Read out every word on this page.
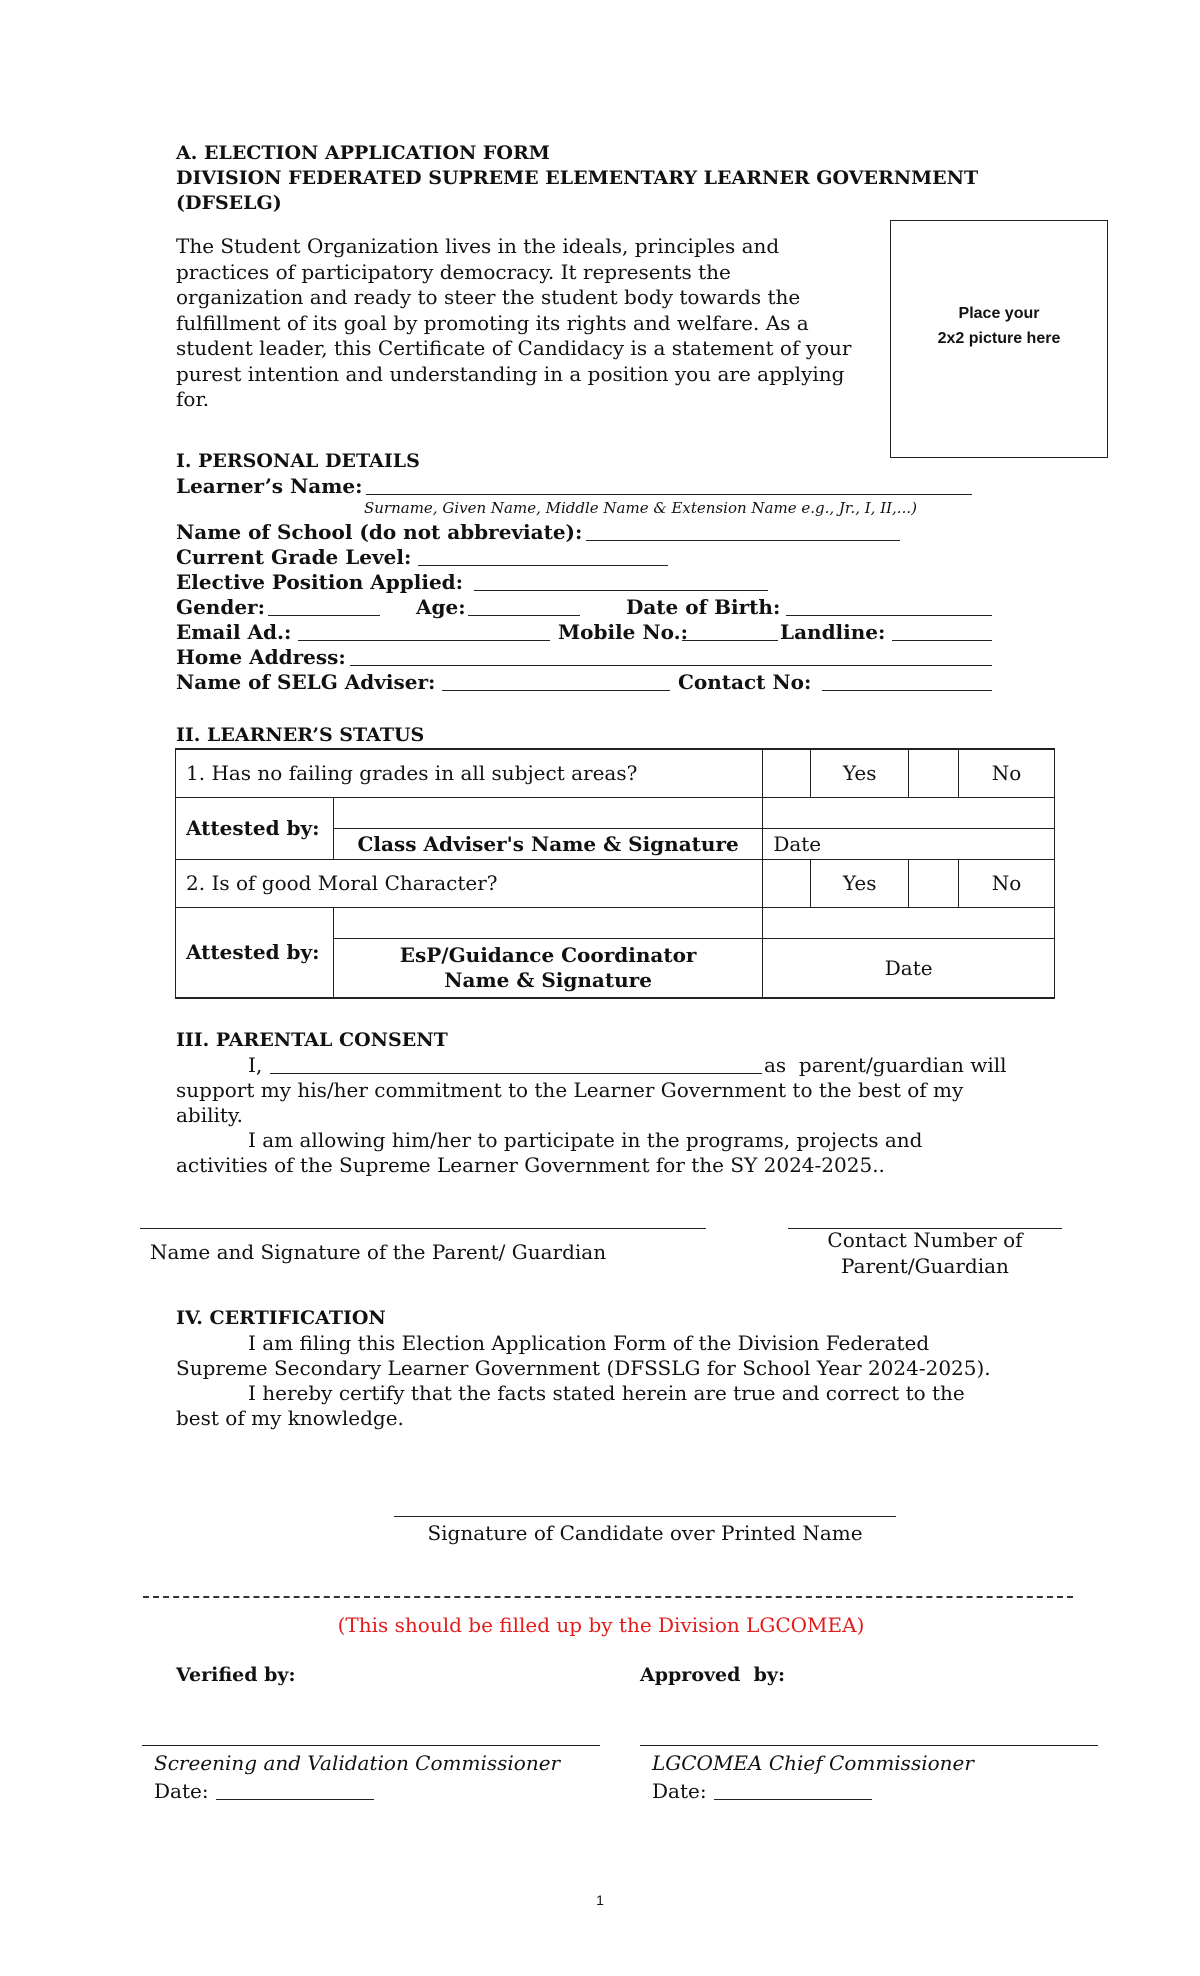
A. ELECTION APPLICATION FORM
DIVISION FEDERATED SUPREME ELEMENTARY LEARNER GOVERNMENT
(DFSELG)
The Student Organization lives in the ideals, principles and practices of participatory democracy. It represents the organization and ready to steer the student body towards the fulfillment of its goal by promoting its rights and welfare. As a student leader, this Certificate of Candidacy is a statement of your purest intention and understanding in a position you are applying for.
Place your
2x2 picture here
I. PERSONAL DETAILS
Learner’s Name:
Surname, Given Name, Middle Name & Extension Name e.g., Jr., I, II,...)
Name of School (do not abbreviate):
Current Grade Level:
Elective Position Applied:
Gender:	Age:	Date of Birth:
Email Ad.:	Mobile No.:	Landline:
Home Address:
Name of SELG Adviser:	Contact No:
II. LEARNER’S STATUS
1. Has no failing grades in all subject areas?			Yes		No
Attested by:					
	Class Adviser's Name & Signature	Date			
2. Is of good Moral Character?			Yes		No
Attested by:					

	EsP/Guidance Coordinator
Name & Signature	Date			
III. PARENTAL CONSENT
I,	as  parent/guardian will
support my his/her commitment to the Learner Government to the best of my
ability.
I am allowing him/her to participate in the programs, projects and
activities of the Supreme Learner Government for the SY 2024-2025..
Name and Signature of the Parent/ Guardian	Contact Number of
Parent/Guardian
IV. CERTIFICATION
I am filing this Election Application Form of the Division Federated
Supreme Secondary Learner Government (DFSSLG for School Year 2024-2025).
I hereby certify that the facts stated herein are true and correct to the
best of my knowledge.
Signature of Candidate over Printed Name
(This should be filled up by the Division LGCOMEA)
Verified by:	Approved  by:
Screening and Validation Commissioner
Date:
LGCOMEA Chief Commissioner
Date:
1
